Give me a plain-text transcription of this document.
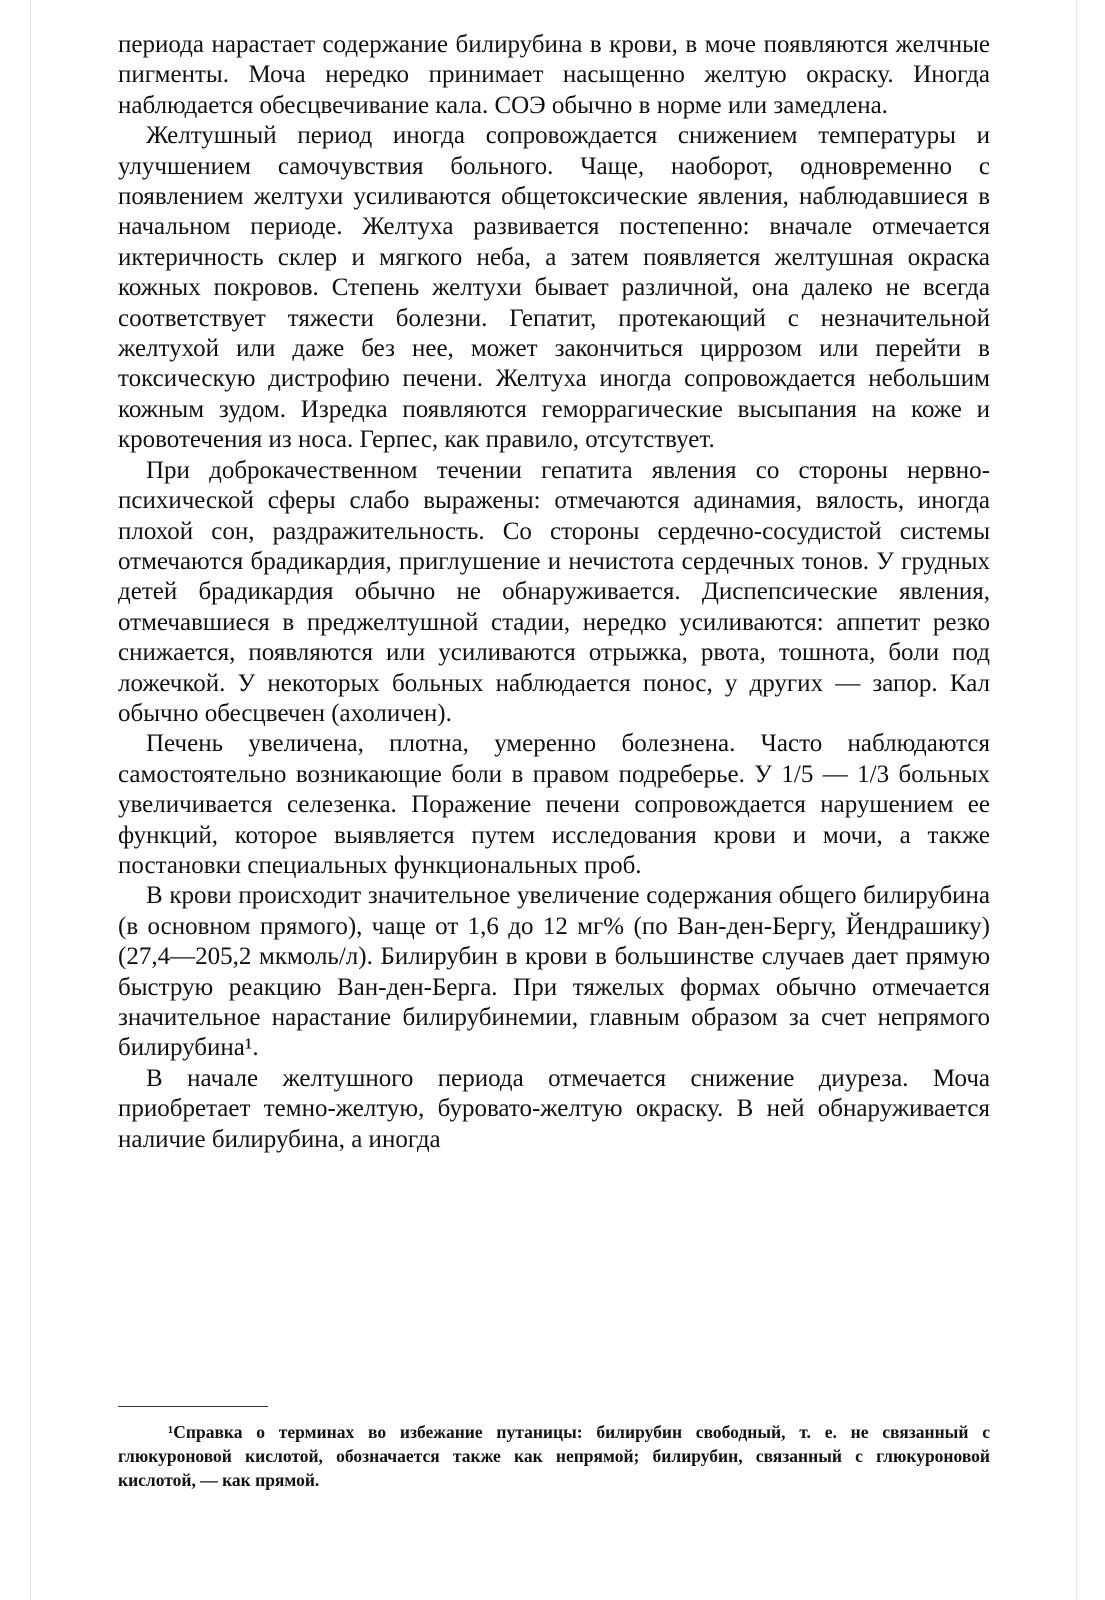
периода нарастает содержание билирубина в крови, в моче появляются желчные пигменты. Моча нередко принимает насыщенно желтую окраску. Иногда наблюдается обесцвечивание кала. СОЭ обычно в норме или замедлена.

Желтушный период иногда сопровождается снижением температуры и улучшением самочувствия больного. Чаще, наоборот, одновременно с появлением желтухи усиливаются общетоксические явления, наблюдавшиеся в начальном периоде. Желтуха развивается постепенно: вначале отмечается иктеричность склер и мягкого неба, а затем появляется желтушная окраска кожных покровов. Степень желтухи бывает различной, она далеко не всегда соответствует тяжести болезни. Гепатит, протекающий с незначительной желтухой или даже без нее, может закончиться циррозом или перейти в токсическую дистрофию печени. Желтуха иногда сопровождается небольшим кожным зудом. Изредка появляются геморрагические высыпания на коже и кровотечения из носа. Герпес, как правило, отсутствует.

При доброкачественном течении гепатита явления со стороны нервно-психической сферы слабо выражены: отмечаются адинамия, вялость, иногда плохой сон, раздражительность. Со стороны сердечно-сосудистой системы отмечаются брадикардия, приглушение и нечистота сердечных тонов. У грудных детей брадикардия обычно не обнаруживается. Диспепсические явления, отмечавшиеся в преджелтушной стадии, нередко усиливаются: аппетит резко снижается, появляются или усиливаются отрыжка, рвота, тошнота, боли под ложечкой. У некоторых больных наблюдается понос, у других — запор. Кал обычно обесцвечен (ахоличен).

Печень увеличена, плотна, умеренно болезнена. Часто наблюдаются самостоятельно возникающие боли в правом подреберье. У 1/5 — 1/3 больных увеличивается селезенка. Поражение печени сопровождается нарушением ее функций, которое выявляется путем исследования крови и мочи, а также постановки специальных функциональных проб.

В крови происходит значительное увеличение содержания общего билирубина (в основном прямого), чаще от 1,6 до 12 мг% (по Ван-ден-Бергу, Йендрашику) (27,4—205,2 мкмоль/л). Билирубин в крови в большинстве случаев дает прямую быструю реакцию Ван-ден-Берга. При тяжелых формах обычно отмечается значительное нарастание билирубинемии, главным образом за счет непрямого билирубина¹.

В начале желтушного периода отмечается снижение диуреза. Моча приобретает темно-желтую, буровато-желтую окраску. В ней обнаруживается наличие билирубина, а иногда

¹Справка о терминах во избежание путаницы: билирубин свободный, т. е. не связанный с глюкуроновой кислотой, обозначается также как непрямой; билирубин, связанный с глюкуроновой кислотой, — как прямой.
